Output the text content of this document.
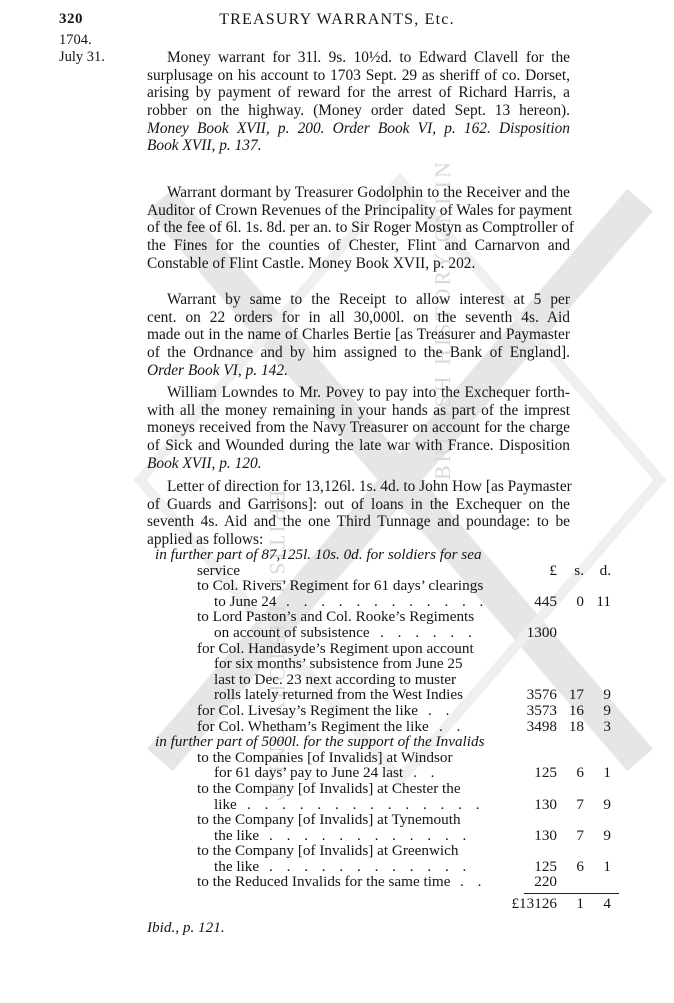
BRITISH HISTORY ONLINE
BRITISH HISTORY ONLINE
320	TREASURY WARRANTS, Etc.
1704.
July 31.	Money warrant for 31l. 9s. 10½d. to Edward Clavell for the
surplusage on his account to 1703 Sept. 29 as sheriff of co. Dorset,
arising by payment of reward for the arrest of Richard Harris, a
robber on the highway. (Money order dated Sept. 13 hereon).
Money Book XVII, p. 200. Order Book VI, p. 162. Disposition
Book XVII, p. 137.
Warrant dormant by Treasurer Godolphin to the Receiver and the
Auditor of Crown Revenues of the Principality of Wales for payment
of the fee of 6l. 1s. 8d. per an. to Sir Roger Mostyn as Comptroller of
the Fines for the counties of Chester, Flint and Carnarvon and
Constable of Flint Castle. Money Book XVII, p. 202.
Warrant by same to the Receipt to allow interest at 5 per
cent. on 22 orders for in all 30,000l. on the seventh 4s. Aid
made out in the name of Charles Bertie [as Treasurer and Paymaster
of the Ordnance and by him assigned to the Bank of England].
Order Book VI, p. 142.
William Lowndes to Mr. Povey to pay into the Exchequer forth-
with all the money remaining in your hands as part of the imprest
moneys received from the Navy Treasurer on account for the charge
of Sick and Wounded during the late war with France. Disposition
Book XVII, p. 120.
Letter of direction for 13,126l. 1s. 4d. to John How [as Paymaster
of Guards and Garrisons]: out of loans in the Exchequer on the
seventh 4s. Aid and the one Third Tunnage and poundage: to be
applied as follows:
in further part of 87,125l. 10s. 0d. for soldiers for sea
service	£ s. d.
to Col. Rivers’ Regiment for 61 days’ clearings
to June 24 . . . . . . . . . . . .	445 0 11
to Lord Paston’s and Col. Rooke’s Regiments
on account of subsistence . . . . . .	1300
for Col. Handasyde’s Regiment upon account
for six months’ subsistence from June 25
last to Dec. 23 next according to muster
rolls lately returned from the West Indies	3576 17 9
for Col. Livesay’s Regiment the like . .	3573 16 9
for Col. Whetham’s Regiment the like . .	3498 18 3
in further part of 5000l. for the support of the Invalids
to the Companies [of Invalids] at Windsor
for 61 days’ pay to June 24 last . .	125 6 1
to the Company [of Invalids] at Chester the
like . . . . . . . . . . . . . .	130 7 9
to the Company [of Invalids] at Tynemouth
the like . . . . . . . . . . . .	130 7 9
to the Company [of Invalids] at Greenwich
the like . . . . . . . . . . . .	125 6 1
to the Reduced Invalids for the same time . .	220
£13126 1 4
Ibid., p. 121.
